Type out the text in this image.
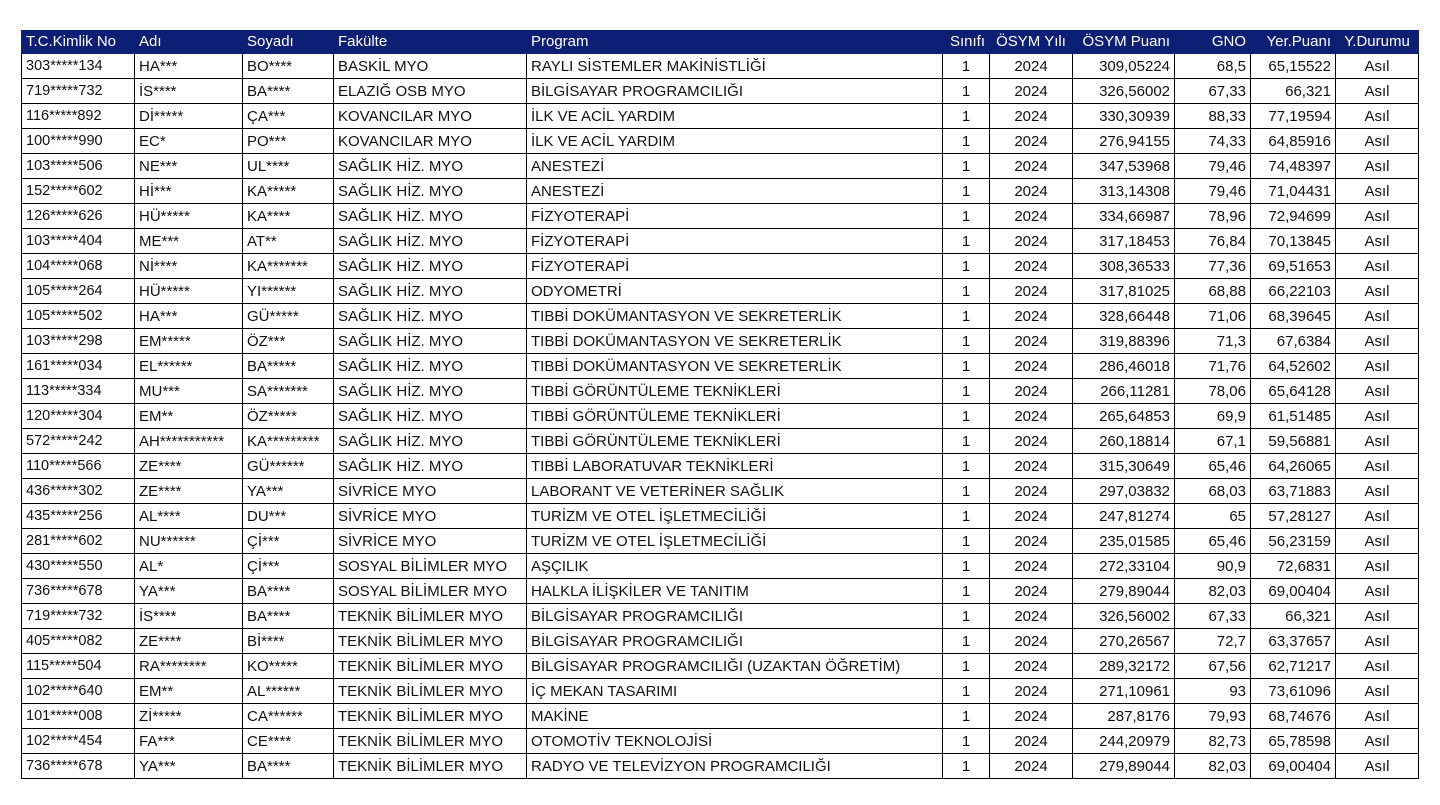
T.C.Kimlik No	Adı	Soyadı	Fakülte	Program	Sınıfı	ÖSYM Yılı	ÖSYM Puanı	GNO	Yer.Puanı	Y.Durumu
303*****134	HA***	BO****	BASKİL MYO	RAYLI SİSTEMLER MAKİNİSTLİĞİ	1	2024	309,05224	68,5	65,15522	Asıl
719*****732	İS****	BA****	ELAZIĞ OSB MYO	BİLGİSAYAR PROGRAMCILIĞI	1	2024	326,56002	67,33	66,321	Asıl
116*****892	Dİ*****	ÇA***	KOVANCILAR MYO	İLK VE ACİL YARDIM	1	2024	330,30939	88,33	77,19594	Asıl
100*****990	EC*	PO***	KOVANCILAR MYO	İLK VE ACİL YARDIM	1	2024	276,94155	74,33	64,85916	Asıl
103*****506	NE***	UL****	SAĞLIK HİZ. MYO	ANESTEZİ	1	2024	347,53968	79,46	74,48397	Asıl
152*****602	Hİ***	KA*****	SAĞLIK HİZ. MYO	ANESTEZİ	1	2024	313,14308	79,46	71,04431	Asıl
126*****626	HÜ*****	KA****	SAĞLIK HİZ. MYO	FİZYOTERAPİ	1	2024	334,66987	78,96	72,94699	Asıl
103*****404	ME***	AT**	SAĞLIK HİZ. MYO	FİZYOTERAPİ	1	2024	317,18453	76,84	70,13845	Asıl
104*****068	Nİ****	KA*******	SAĞLIK HİZ. MYO	FİZYOTERAPİ	1	2024	308,36533	77,36	69,51653	Asıl
105*****264	HÜ*****	YI******	SAĞLIK HİZ. MYO	ODYOMETRİ	1	2024	317,81025	68,88	66,22103	Asıl
105*****502	HA***	GÜ*****	SAĞLIK HİZ. MYO	TIBBİ DOKÜMANTASYON VE SEKRETERLİK	1	2024	328,66448	71,06	68,39645	Asıl
103*****298	EM*****	ÖZ***	SAĞLIK HİZ. MYO	TIBBİ DOKÜMANTASYON VE SEKRETERLİK	1	2024	319,88396	71,3	67,6384	Asıl
161*****034	EL******	BA*****	SAĞLIK HİZ. MYO	TIBBİ DOKÜMANTASYON VE SEKRETERLİK	1	2024	286,46018	71,76	64,52602	Asıl
113*****334	MU***	SA*******	SAĞLIK HİZ. MYO	TIBBİ GÖRÜNTÜLEME TEKNİKLERİ	1	2024	266,11281	78,06	65,64128	Asıl
120*****304	EM**	ÖZ*****	SAĞLIK HİZ. MYO	TIBBİ GÖRÜNTÜLEME TEKNİKLERİ	1	2024	265,64853	69,9	61,51485	Asıl
572*****242	AH***********	KA*********	SAĞLIK HİZ. MYO	TIBBİ GÖRÜNTÜLEME TEKNİKLERİ	1	2024	260,18814	67,1	59,56881	Asıl
110*****566	ZE****	GÜ******	SAĞLIK HİZ. MYO	TIBBİ LABORATUVAR TEKNİKLERİ	1	2024	315,30649	65,46	64,26065	Asıl
436*****302	ZE****	YA***	SİVRİCE MYO	LABORANT VE VETERİNER SAĞLIK	1	2024	297,03832	68,03	63,71883	Asıl
435*****256	AL****	DU***	SİVRİCE MYO	TURİZM VE OTEL İŞLETMECİLİĞİ	1	2024	247,81274	65	57,28127	Asıl
281*****602	NU******	Çİ***	SİVRİCE MYO	TURİZM VE OTEL İŞLETMECİLİĞİ	1	2024	235,01585	65,46	56,23159	Asıl
430*****550	AL*	Çİ***	SOSYAL BİLİMLER MYO	AŞÇILIK	1	2024	272,33104	90,9	72,6831	Asıl
736*****678	YA***	BA****	SOSYAL BİLİMLER MYO	HALKLA İLİŞKİLER VE TANITIM	1	2024	279,89044	82,03	69,00404	Asıl
719*****732	İS****	BA****	TEKNİK BİLİMLER MYO	BİLGİSAYAR PROGRAMCILIĞI	1	2024	326,56002	67,33	66,321	Asıl
405*****082	ZE****	Bİ****	TEKNİK BİLİMLER MYO	BİLGİSAYAR PROGRAMCILIĞI	1	2024	270,26567	72,7	63,37657	Asıl
115*****504	RA********	KO*****	TEKNİK BİLİMLER MYO	BİLGİSAYAR PROGRAMCILIĞI (UZAKTAN ÖĞRETİM)	1	2024	289,32172	67,56	62,71217	Asıl
102*****640	EM**	AL******	TEKNİK BİLİMLER MYO	İÇ MEKAN TASARIMI	1	2024	271,10961	93	73,61096	Asıl
101*****008	Zİ*****	CA******	TEKNİK BİLİMLER MYO	MAKİNE	1	2024	287,8176	79,93	68,74676	Asıl
102*****454	FA***	CE****	TEKNİK BİLİMLER MYO	OTOMOTİV TEKNOLOJİSİ	1	2024	244,20979	82,73	65,78598	Asıl
736*****678	YA***	BA****	TEKNİK BİLİMLER MYO	RADYO VE TELEVİZYON PROGRAMCILIĞI	1	2024	279,89044	82,03	69,00404	Asıl
